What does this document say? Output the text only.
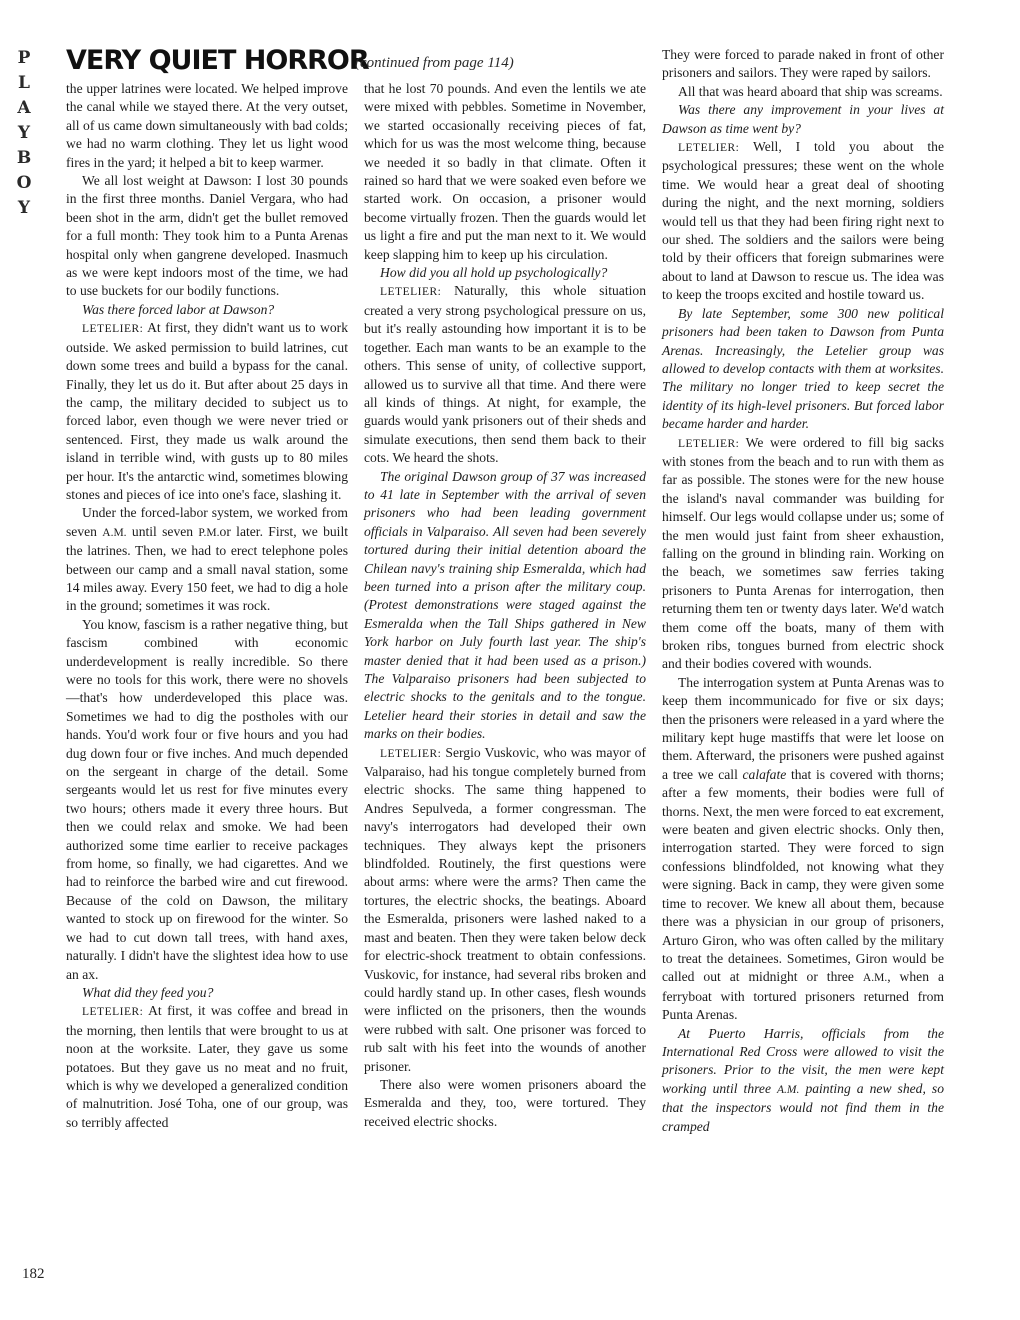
P
L
A
Y
B
O
Y
VERY QUIET HORROR
(continued from page 114)

the upper latrines were located. We helped improve the canal while we stayed there. At the very outset, all of us came down simultaneously with bad colds; we had no warm clothing. They let us light wood fires in the yard; it helped a bit to keep warmer.

We all lost weight at Dawson: I lost 30 pounds in the first three months. Daniel Vergara, who had been shot in the arm, didn't get the bullet removed for a full month: They took him to a Punta Arenas hospital only when gangrene developed. Inasmuch as we were kept indoors most of the time, we had to use buckets for our bodily functions.

Was there forced labor at Dawson?

LETELIER: At first, they didn't want us to work outside. We asked permission to build latrines, cut down some trees and build a bypass for the canal. Finally, they let us do it. But after about 25 days in the camp, the military decided to subject us to forced labor, even though we were never tried or sentenced. First, they made us walk around the island in terrible wind, with gusts up to 80 miles per hour. It's the antarctic wind, sometimes blowing stones and pieces of ice into one's face, slashing it.

Under the forced-labor system, we worked from seven A.M. until seven P.M.or later. First, we built the latrines. Then, we had to erect telephone poles between our camp and a small naval station, some 14 miles away. Every 150 feet, we had to dig a hole in the ground; sometimes it was rock.

You know, fascism is a rather negative thing, but fascism combined with economic underdevelopment is really incredible. So there were no tools for this work, there were no shovels—that's how underdeveloped this place was. Sometimes we had to dig the postholes with our hands. You'd work four or five hours and you had dug down four or five inches. And much depended on the sergeant in charge of the detail. Some sergeants would let us rest for five minutes every two hours; others made it every three hours. But then we could relax and smoke. We had been authorized some time earlier to receive packages from home, so finally, we had cigarettes. And we had to reinforce the barbed wire and cut firewood. Because of the cold on Dawson, the military wanted to stock up on firewood for the winter. So we had to cut down tall trees, with hand axes, naturally. I didn't have the slightest idea how to use an ax.

What did they feed you?

LETELIER: At first, it was coffee and bread in the morning, then lentils that were brought to us at noon at the worksite. Later, they gave us some potatoes. But they gave us no meat and no fruit, which is why we developed a generalized condition of malnutrition. José Toha, one of our group, was so terribly affected

that he lost 70 pounds. And even the lentils we ate were mixed with pebbles. Sometime in November, we started occasionally receiving pieces of fat, which for us was the most welcome thing, because we needed it so badly in that climate. Often it rained so hard that we were soaked even before we started work. On occasion, a prisoner would become virtually frozen. Then the guards would let us light a fire and put the man next to it. We would keep slapping him to keep up his circulation.

How did you all hold up psychologically?

LETELIER: Naturally, this whole situation created a very strong psychological pressure on us, but it's really astounding how important it is to be together. Each man wants to be an example to the others. This sense of unity, of collective support, allowed us to survive all that time. And there were all kinds of things. At night, for example, the guards would yank prisoners out of their sheds and simulate executions, then send them back to their cots. We heard the shots.

The original Dawson group of 37 was increased to 41 late in September with the arrival of seven prisoners who had been leading government officials in Valparaiso. All seven had been severely tortured during their initial detention aboard the Chilean navy's training ship Esmeralda, which had been turned into a prison after the military coup. (Protest demonstrations were staged against the Esmeralda when the Tall Ships gathered in New York harbor on July fourth last year. The ship's master denied that it had been used as a prison.) The Valparaiso prisoners had been subjected to electric shocks to the genitals and to the tongue. Letelier heard their stories in detail and saw the marks on their bodies.

LETELIER: Sergio Vuskovic, who was mayor of Valparaiso, had his tongue completely burned from electric shocks. The same thing happened to Andres Sepulveda, a former congressman. The navy's interrogators had developed their own techniques. They always kept the prisoners blindfolded. Routinely, the first questions were about arms: where were the arms? Then came the tortures, the electric shocks, the beatings. Aboard the Esmeralda, prisoners were lashed naked to a mast and beaten. Then they were taken below deck for electric-shock treatment to obtain confessions. Vuskovic, for instance, had several ribs broken and could hardly stand up. In other cases, flesh wounds were inflicted on the prisoners, then the wounds were rubbed with salt. One prisoner was forced to rub salt with his feet into the wounds of another prisoner.

There also were women prisoners aboard the Esmeralda and they, too, were tortured. They received electric shocks.

They were forced to parade naked in front of other prisoners and sailors. They were raped by sailors.

All that was heard aboard that ship was screams.

Was there any improvement in your lives at Dawson as time went by?

LETELIER: Well, I told you about the psychological pressures; these went on the whole time. We would hear a great deal of shooting during the night, and the next morning, soldiers would tell us that they had been firing right next to our shed. The soldiers and the sailors were being told by their officers that foreign submarines were about to land at Dawson to rescue us. The idea was to keep the troops excited and hostile toward us.

By late September, some 300 new political prisoners had been taken to Dawson from Punta Arenas. Increasingly, the Letelier group was allowed to develop contacts with them at worksites. The military no longer tried to keep secret the identity of its high-level prisoners. But forced labor became harder and harder.

LETELIER: We were ordered to fill big sacks with stones from the beach and to run with them as far as possible. The stones were for the new house the island's naval commander was building for himself. Our legs would collapse under us; some of the men would just faint from sheer exhaustion, falling on the ground in blinding rain. Working on the beach, we sometimes saw ferries taking prisoners to Punta Arenas for interrogation, then returning them ten or twenty days later. We'd watch them come off the boats, many of them with broken ribs, tongues burned from electric shock and their bodies covered with wounds.

The interrogation system at Punta Arenas was to keep them incommunicado for five or six days; then the prisoners were released in a yard where the military kept huge mastiffs that were let loose on them. Afterward, the prisoners were pushed against a tree we call calafate that is covered with thorns; after a few moments, their bodies were full of thorns. Next, the men were forced to eat excrement, were beaten and given electric shocks. Only then, interrogation started. They were forced to sign confessions blindfolded, not knowing what they were signing. Back in camp, they were given some time to recover. We knew all about them, because there was a physician in our group of prisoners, Arturo Giron, who was often called by the military to treat the detainees. Sometimes, Giron would be called out at midnight or three A.M., when a ferryboat with tortured prisoners returned from Punta Arenas.

At Puerto Harris, officials from the International Red Cross were allowed to visit the prisoners. Prior to the visit, the men were kept working until three A.M. painting a new shed, so that the inspectors would not find them in the cramped

182
